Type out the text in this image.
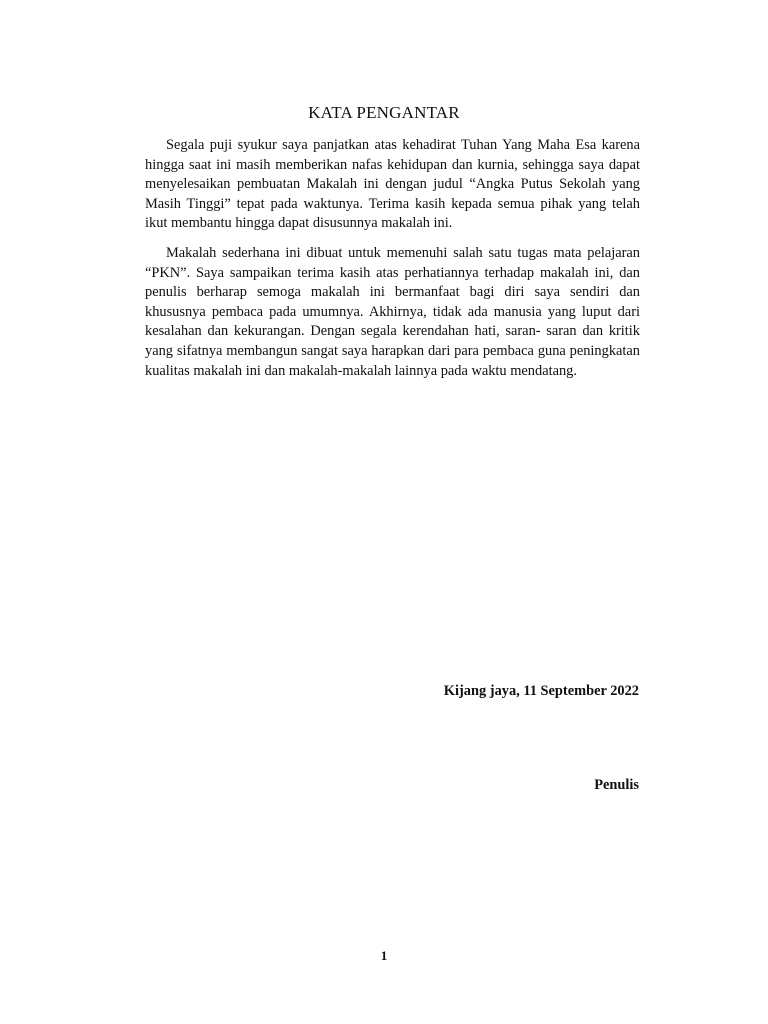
KATA PENGANTAR

Segala puji syukur saya panjatkan atas kehadirat Tuhan Yang Maha Esa karena hingga saat ini masih memberikan nafas kehidupan dan kurnia, sehingga saya dapat menyelesaikan pembuatan Makalah ini dengan judul “Angka Putus Sekolah yang Masih Tinggi” tepat pada waktunya. Terima kasih kepada semua pihak yang telah ikut membantu hingga dapat disusunnya makalah ini.

Makalah sederhana ini dibuat untuk memenuhi salah satu tugas mata pelajaran “PKN”. Saya sampaikan terima kasih atas perhatiannya terhadap makalah ini, dan penulis berharap semoga makalah ini bermanfaat bagi diri saya sendiri dan khususnya pembaca pada umumnya. Akhirnya, tidak ada manusia yang luput dari kesalahan dan kekurangan. Dengan segala kerendahan hati, saran- saran dan kritik yang sifatnya membangun sangat saya harapkan dari para pembaca guna peningkatan kualitas makalah ini dan makalah-makalah lainnya pada waktu mendatang.

Kijang jaya, 11 September 2022

Penulis

1
